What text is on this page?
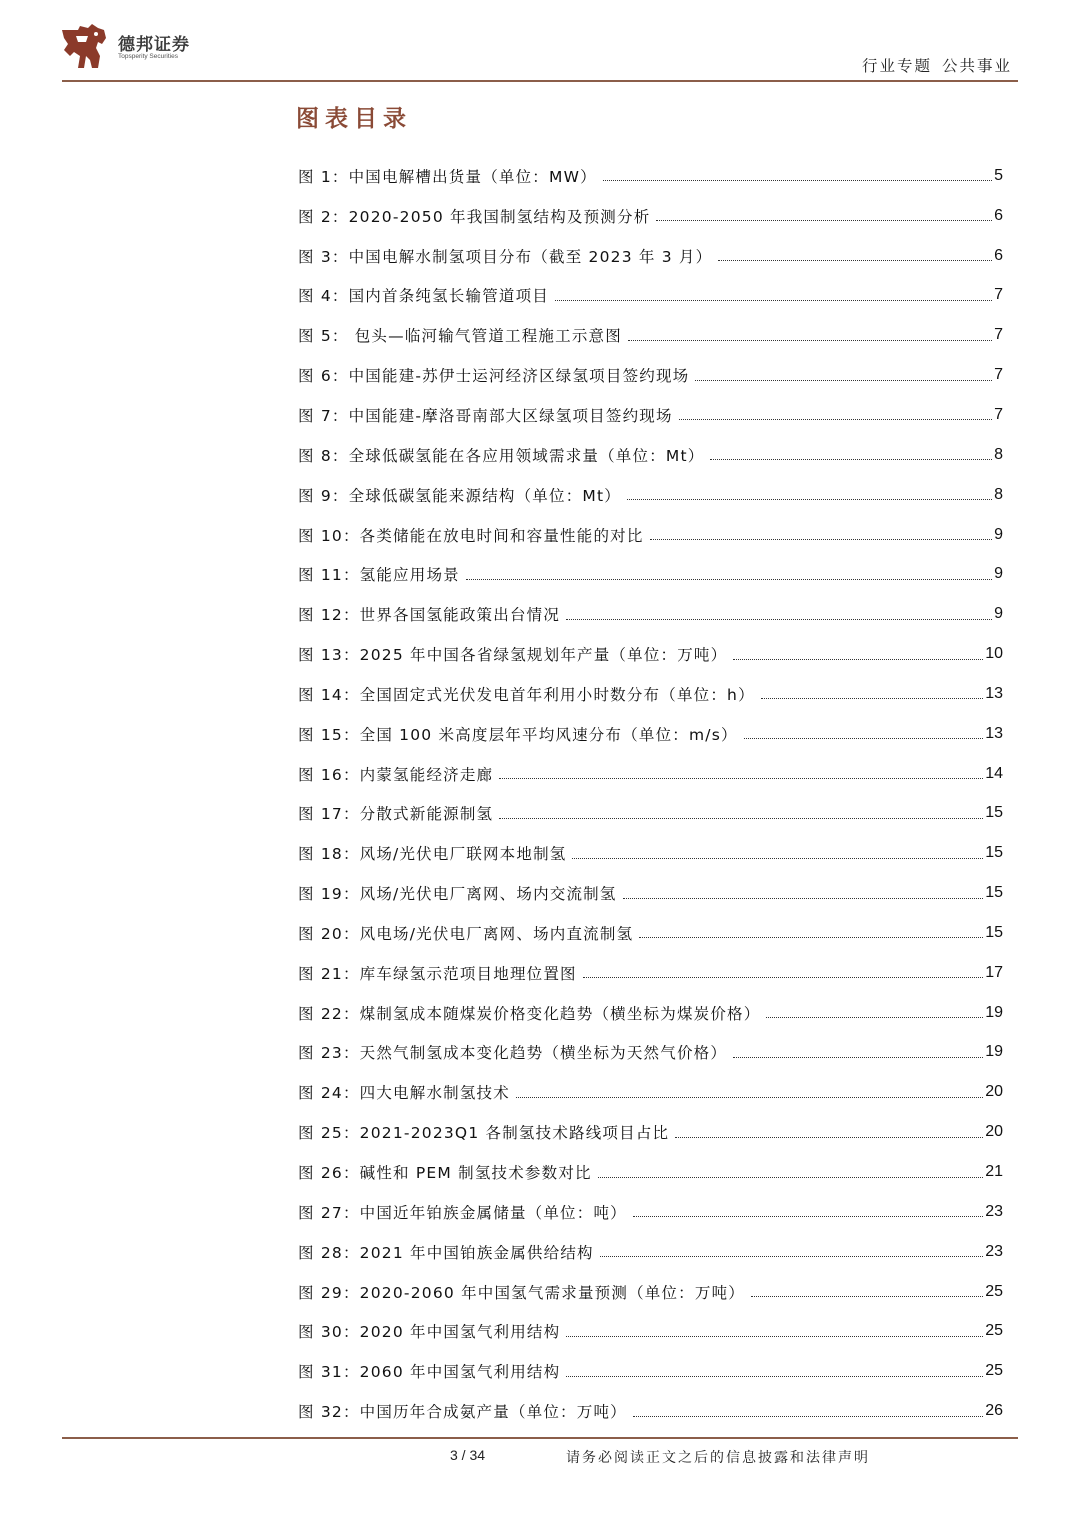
德邦证券
Topsperity Securities
行业专题 公共事业
图表目录
图 1：中国电解槽出货量（单位：MW）	5
图 2：2020-2050 年我国制氢结构及预测分析	6
图 3：中国电解水制氢项目分布（截至 2023 年 3 月）	6
图 4：国内首条纯氢长输管道项目	7
图 5： 包头—临河输气管道工程施工示意图	7
图 6：中国能建-苏伊士运河经济区绿氢项目签约现场	7
图 7：中国能建-摩洛哥南部大区绿氢项目签约现场	7
图 8：全球低碳氢能在各应用领域需求量（单位：Mt）	8
图 9：全球低碳氢能来源结构（单位：Mt）	8
图 10：各类储能在放电时间和容量性能的对比	9
图 11：氢能应用场景	9
图 12：世界各国氢能政策出台情况	9
图 13：2025 年中国各省绿氢规划年产量（单位：万吨）	10
图 14：全国固定式光伏发电首年利用小时数分布（单位：h）	13
图 15：全国 100 米高度层年平均风速分布（单位：m/s）	13
图 16：内蒙氢能经济走廊	14
图 17：分散式新能源制氢	15
图 18：风场/光伏电厂联网本地制氢	15
图 19：风场/光伏电厂离网、场内交流制氢	15
图 20：风电场/光伏电厂离网、场内直流制氢	15
图 21：库车绿氢示范项目地理位置图	17
图 22：煤制氢成本随煤炭价格变化趋势（横坐标为煤炭价格）	19
图 23：天然气制氢成本变化趋势（横坐标为天然气价格）	19
图 24：四大电解水制氢技术	20
图 25：2021-2023Q1 各制氢技术路线项目占比	20
图 26：碱性和 PEM 制氢技术参数对比	21
图 27：中国近年铂族金属储量（单位：吨）	23
图 28：2021 年中国铂族金属供给结构	23
图 29：2020-2060 年中国氢气需求量预测（单位：万吨）	25
图 30：2020 年中国氢气利用结构	25
图 31：2060 年中国氢气利用结构	25
图 32：中国历年合成氨产量（单位：万吨）	26
3 / 34	请务必阅读正文之后的信息披露和法律声明
